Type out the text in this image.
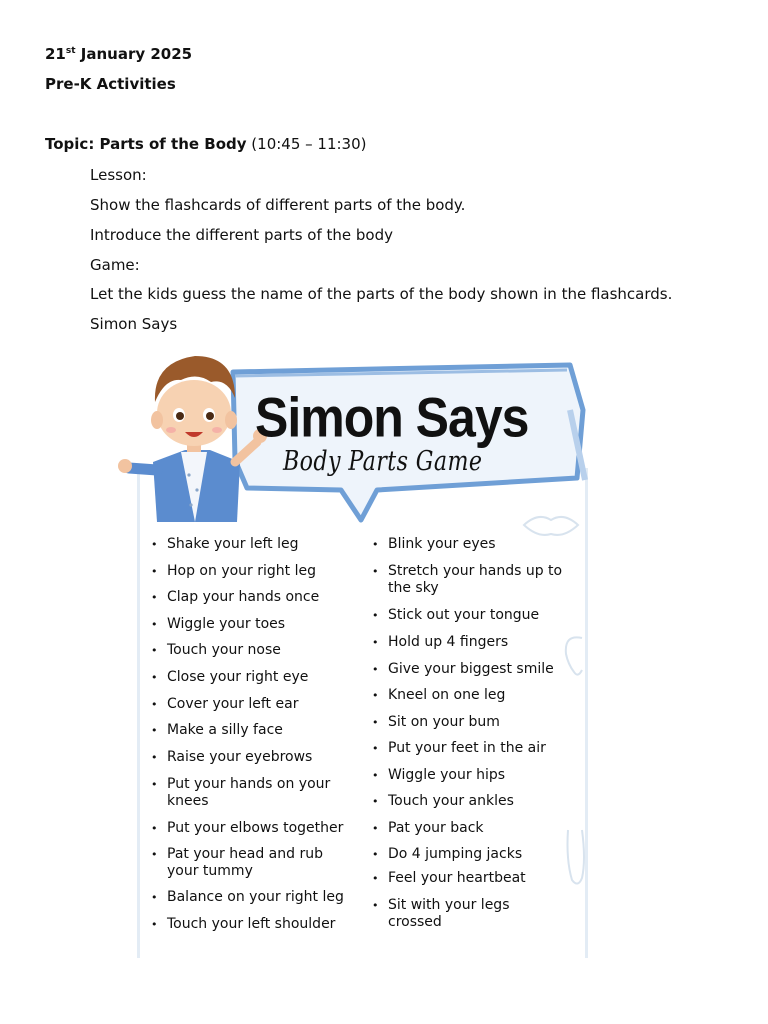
21st January 2025
Pre-K Activities
Topic: Parts of the Body (10:45 – 11:30)
Lesson:
Show the flashcards of different parts of the body.
Introduce the different parts of the body
Game:
Let the kids guess the name of the parts of the body shown in the flashcards.
Simon Says
Simon Says
Body Parts Game
• Shake your left leg
• Hop on your right leg
• Clap your hands once
• Wiggle your toes
• Touch your nose
• Close your right eye
• Cover your left ear
• Make a silly face
• Raise your eyebrows
• Put your hands on your
knees
• Put your elbows together
• Pat your head and rub
your tummy
• Balance on your right leg
• Touch your left shoulder
• Blink your eyes
• Stretch your hands up to
the sky
• Stick out your tongue
• Hold up 4 fingers
• Give your biggest smile
• Kneel on one leg
• Sit on your bum
• Put your feet in the air
• Wiggle your hips
• Touch your ankles
• Pat your back
• Do 4 jumping jacks
• Feel your heartbeat
• Sit with your legs
crossed
